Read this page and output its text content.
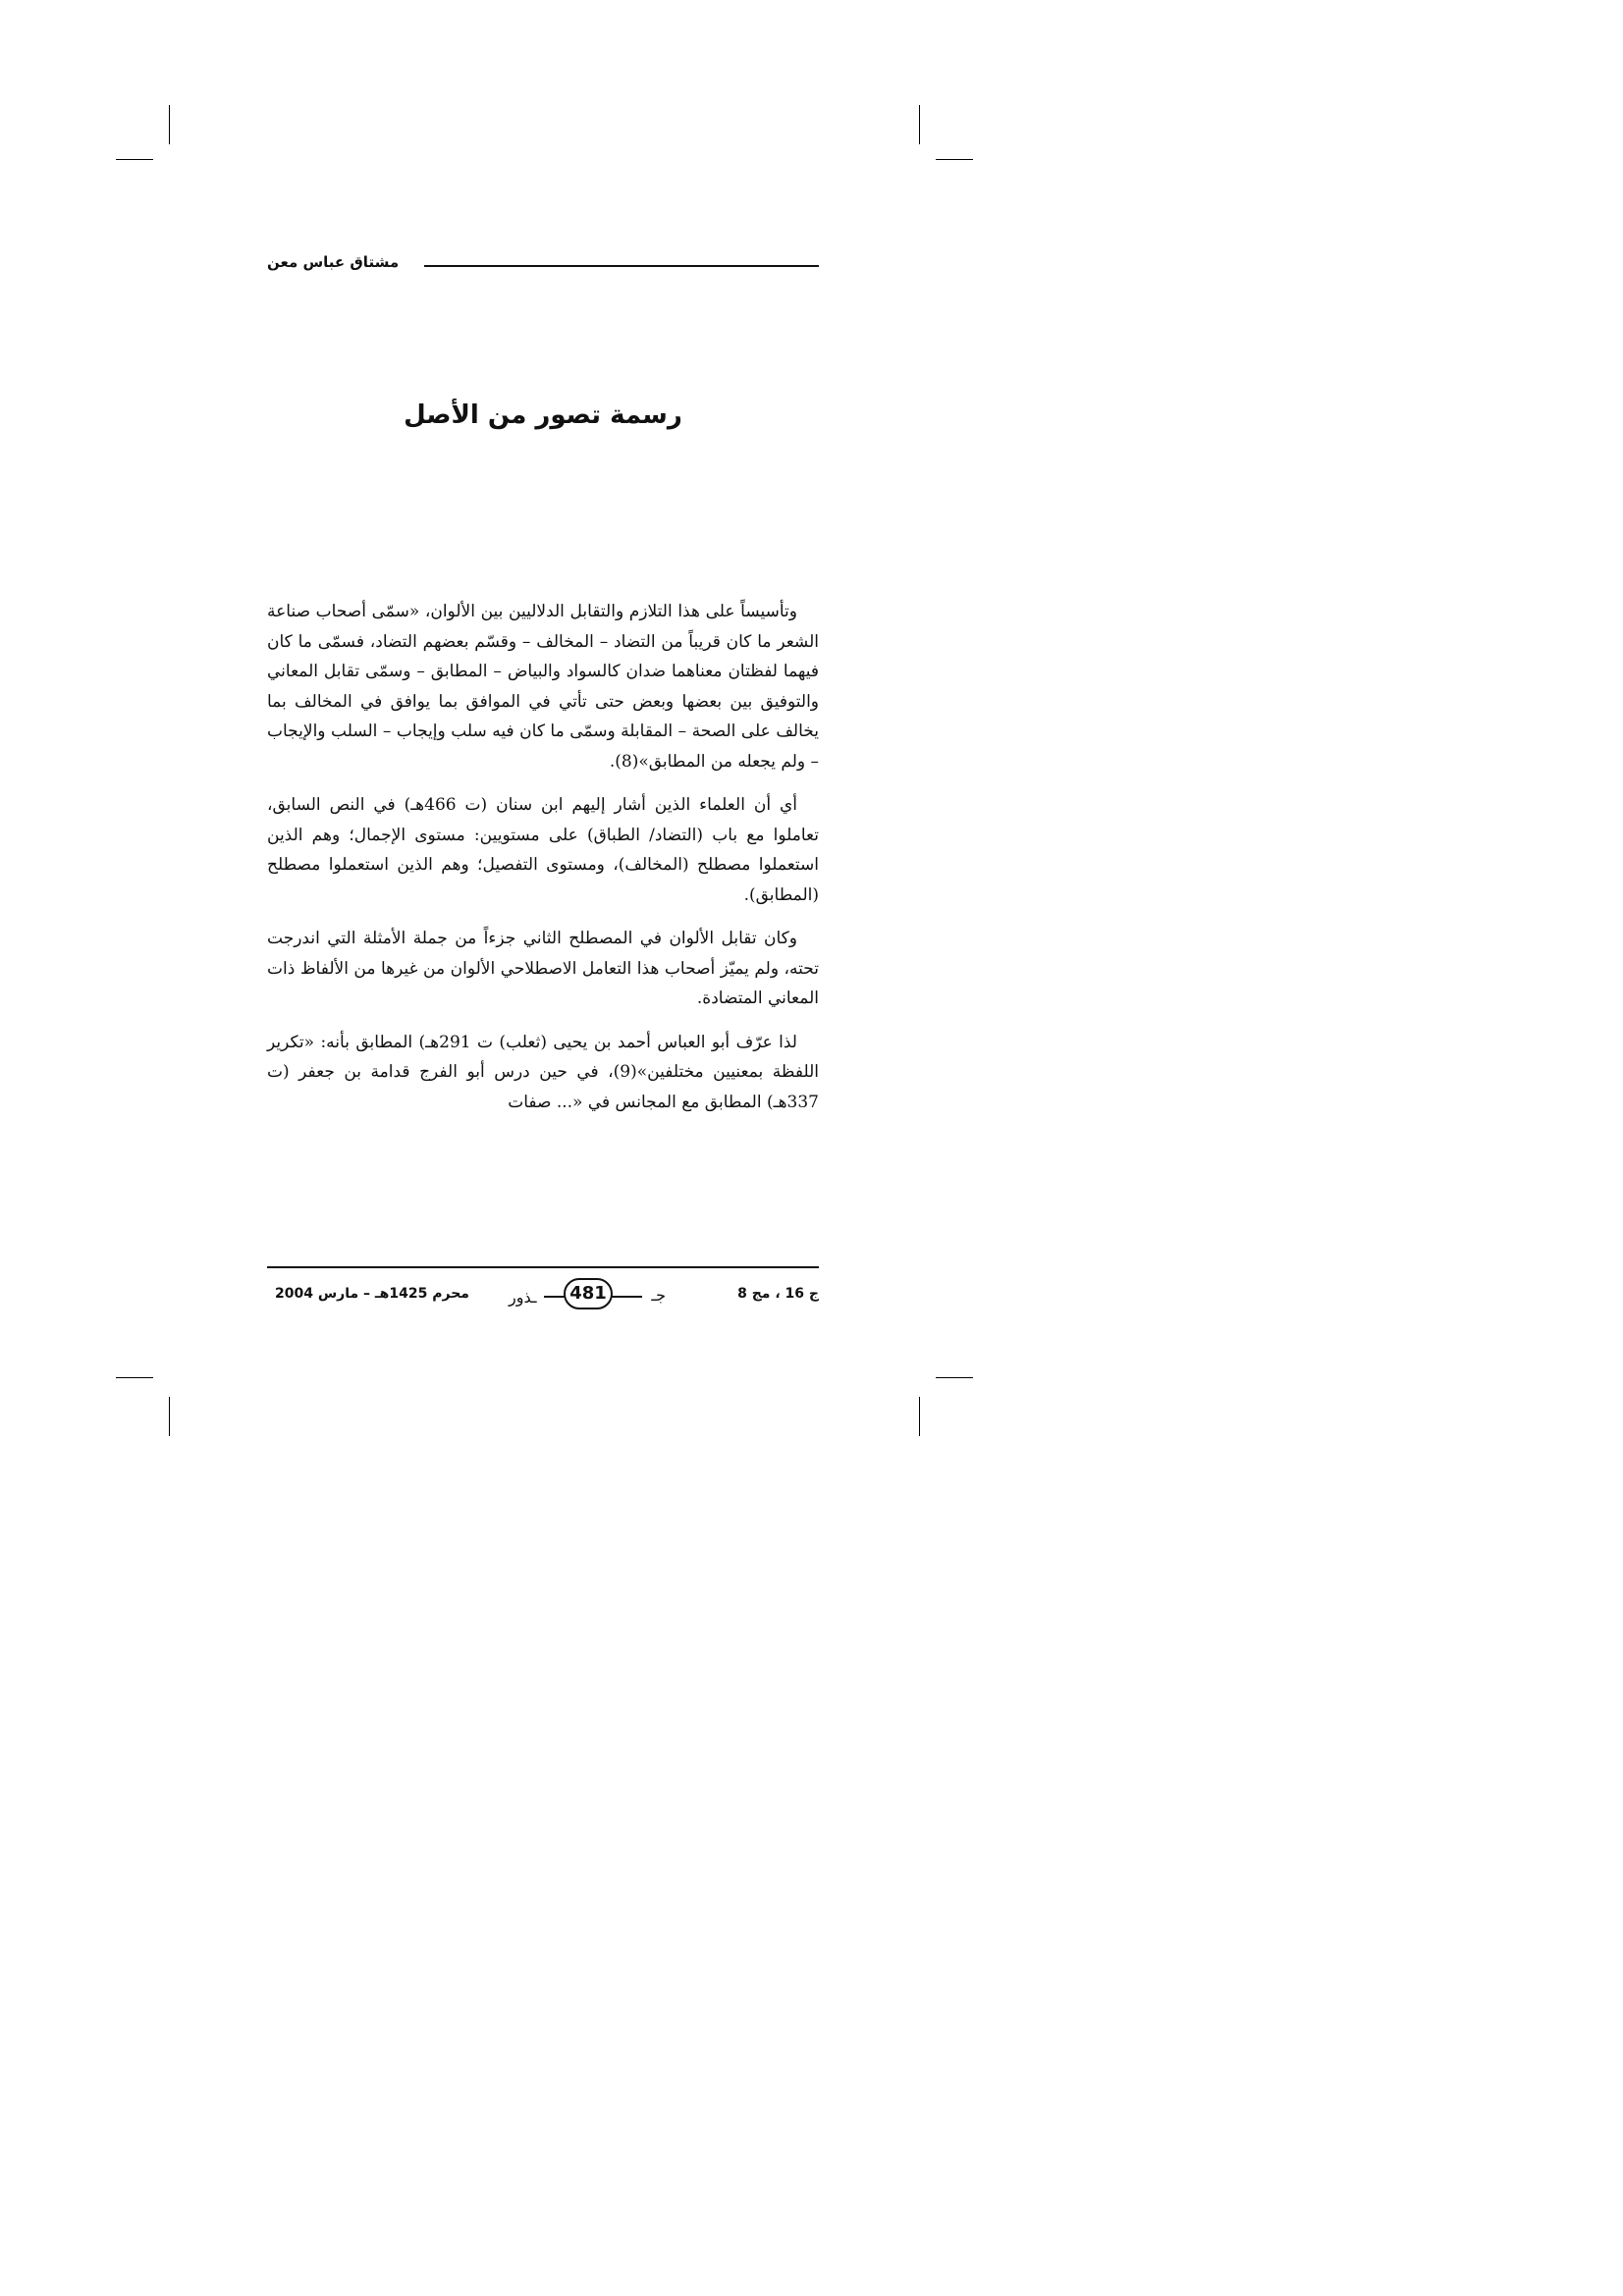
مشتاق عباس معن
رسمة تصور من الأصل

وتأسيساً على هذا التلازم والتقابل الدلاليين بين الألوان، «سمّى أصحاب صناعة الشعر ما كان قريباً من التضاد – المخالف – وقسّم بعضهم التضاد، فسمّى ما كان فيهما لفظتان معناهما ضدان كالسواد والبياض – المطابق – وسمّى تقابل المعاني والتوفيق بين بعضها وبعض حتى تأتي في الموافق بما يوافق في المخالف بما يخالف على الصحة – المقابلة وسمّى ما كان فيه سلب وإيجاب – السلب والإيجاب – ولم يجعله من المطابق»(8).

أي أن العلماء الذين أشار إليهم ابن سنان (ت 466هـ) في النص السابق، تعاملوا مع باب (التضاد/ الطباق) على مستويين: مستوى الإجمال؛ وهم الذين استعملوا مصطلح (المخالف)، ومستوى التفصيل؛ وهم الذين استعملوا مصطلح (المطابق).

وكان تقابل الألوان في المصطلح الثاني جزءاً من جملة الأمثلة التي اندرجت تحته، ولم يميّز أصحاب هذا التعامل الاصطلاحي الألوان من غيرها من الألفاظ ذات المعاني المتضادة.

لذا عرّف أبو العباس أحمد بن يحيى (ثعلب) ت 291هـ) المطابق بأنه: «تكرير اللفظة بمعنيين مختلفين»(9)، في حين درس أبو الفرج قدامة بن جعفر (ت 337هـ) المطابق مع المجانس في «... صفات

ج 16 ، مج 8
ـذور	481	جـ
محرم 1425هـ – مارس 2004
